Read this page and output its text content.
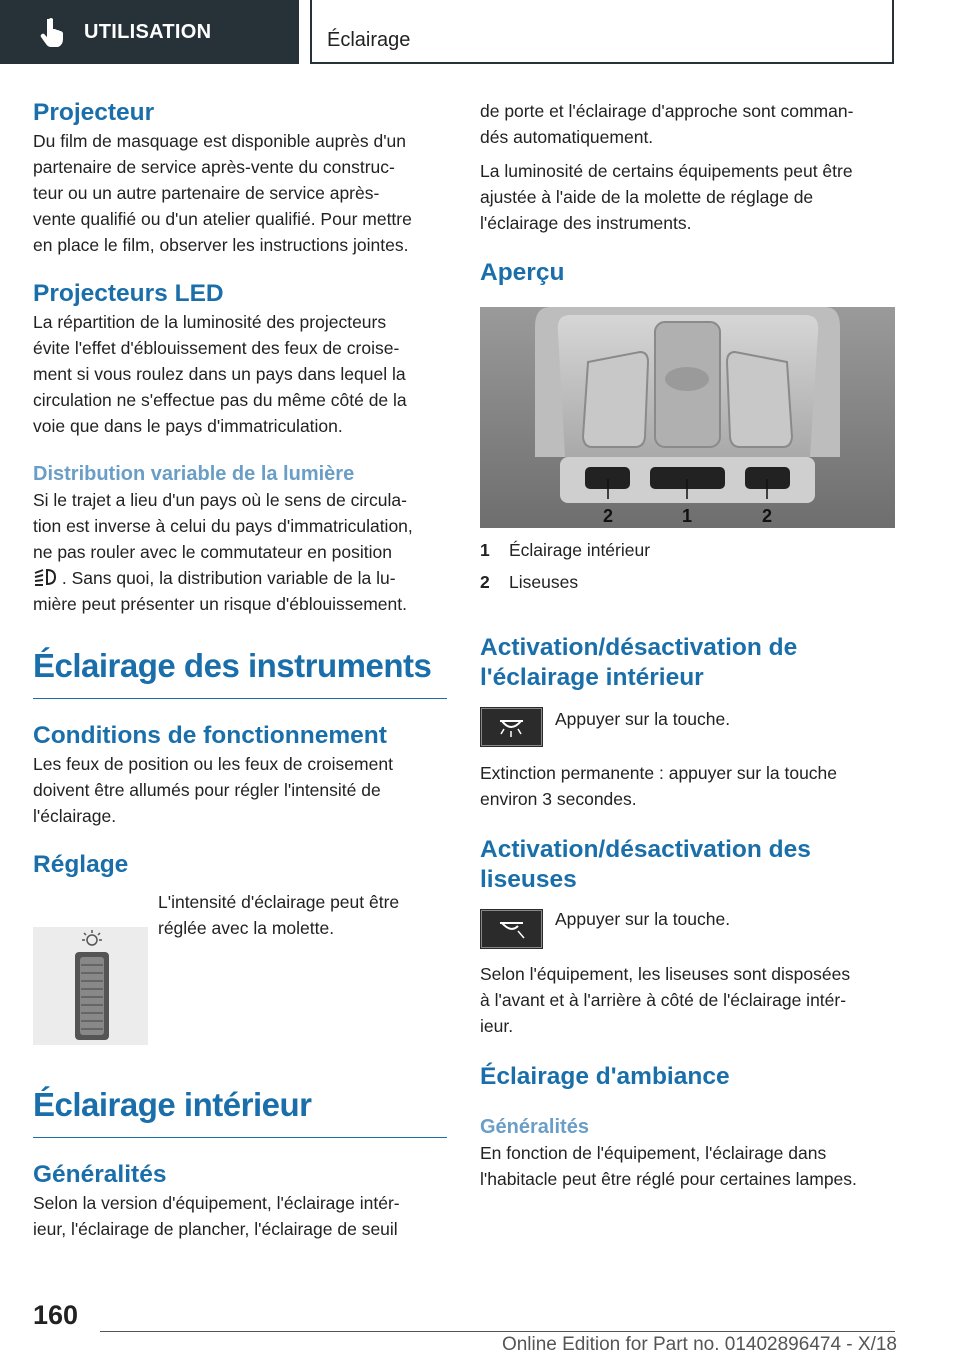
UTILISATION	Éclairage
Projecteur

Du film de masquage est disponible auprès d'un

partenaire de service après-vente du construc-

teur ou un autre partenaire de service après-

vente qualifié ou d'un atelier qualifié. Pour mettre

en place le film, observer les instructions jointes.

Projecteurs LED

La répartition de la luminosité des projecteurs

évite l'effet d'éblouissement des feux de croise-

ment si vous roulez dans un pays dans lequel la

circulation ne s'effectue pas du même côté de la

voie que dans le pays d'immatriculation.

Distribution variable de la lumière

Si le trajet a lieu d'un pays où le sens de circula-

tion est inverse à celui du pays d'immatriculation,

ne pas rouler avec le commutateur en position

. Sans quoi, la distribution variable de la lu-

mière peut présenter un risque d'éblouissement.

Éclairage des instruments
Conditions de fonctionnement

Les feux de position ou les feux de croisement

doivent être allumés pour régler l'intensité de

l'éclairage.

Réglage

L'intensité d'éclairage peut être

réglée avec la molette.

Éclairage intérieur
Généralités

Selon la version d'équipement, l'éclairage intér-

ieur, l'éclairage de plancher, l'éclairage de seuil

de porte et l'éclairage d'approche sont comman-

dés automatiquement.

La luminosité de certains équipements peut être

ajustée à l'aide de la molette de réglage de

l'éclairage des instruments.

Aperçu
2	1	2
1 Éclairage intérieur
2 Liseuses
Activation/désactivation de
l'éclairage intérieur

Appuyer sur la touche.

Extinction permanente : appuyer sur la touche

environ 3 secondes.

Activation/désactivation des
liseuses

Appuyer sur la touche.

Selon l'équipement, les liseuses sont disposées

à l'avant et à l'arrière à côté de l'éclairage intér-

ieur.

Éclairage d'ambiance
Généralités

En fonction de l'équipement, l'éclairage dans

l'habitacle peut être réglé pour certaines lampes.

160
Online Edition for Part no. 01402896474 - X/18
